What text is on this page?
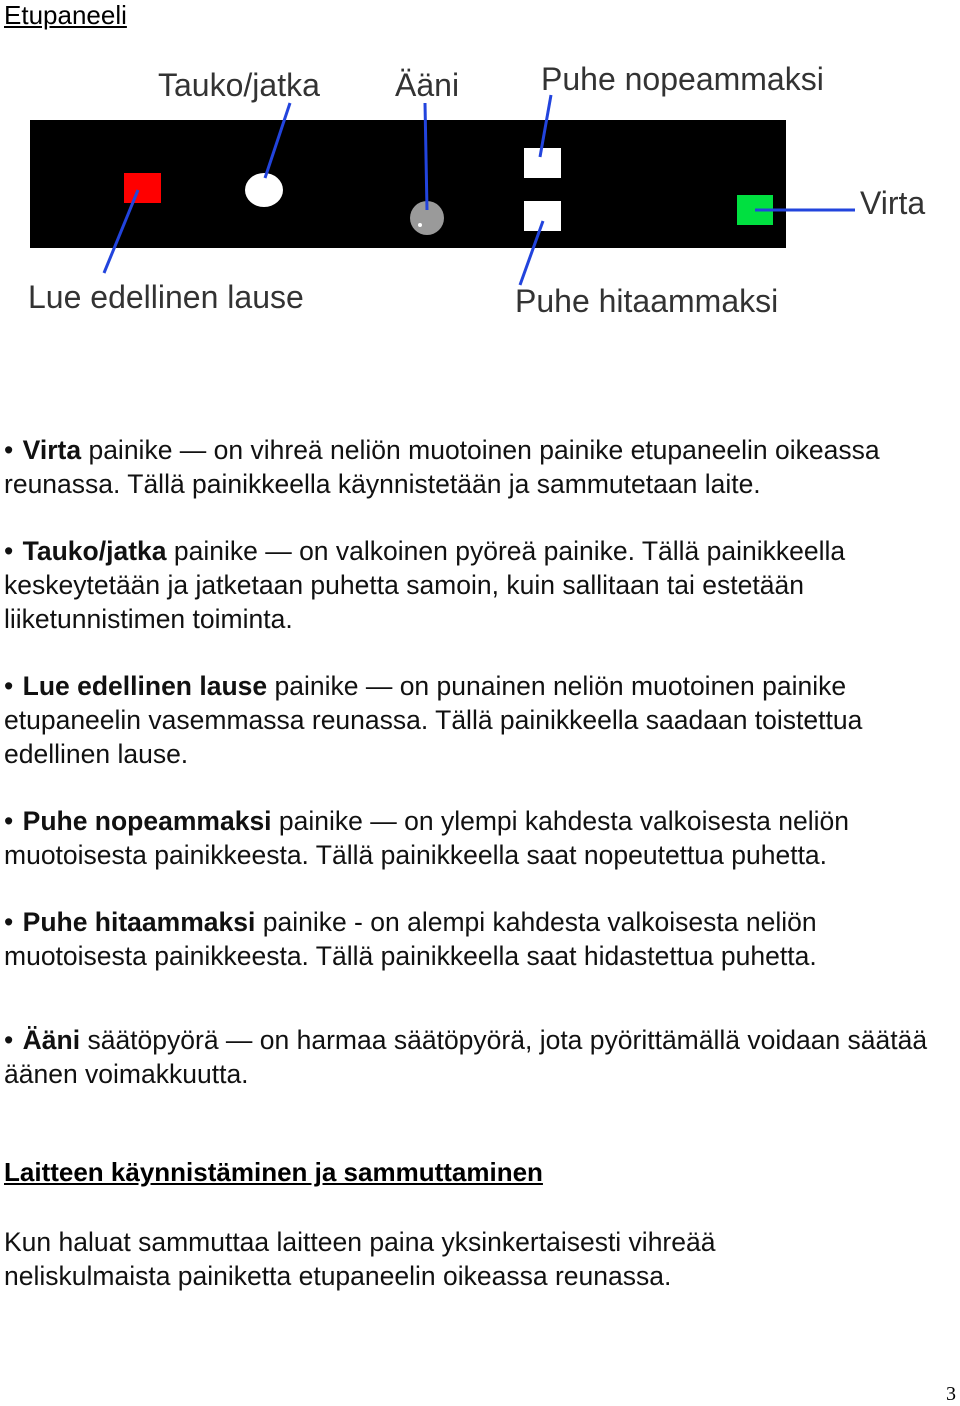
Etupaneeli
Tauko/jatka Ääni	Puhe nopeammaksi
Virta
Lue edellinen lause	Puhe hitaammaksi

• Virta painike — on vihreä neliön muotoinen painike etupaneelin oikeassa reunassa. Tällä painikkeella käynnistetään ja sammutetaan laite.

• Tauko/jatka painike — on valkoinen pyöreä painike. Tällä painikkeella keskeytetään ja jatketaan puhetta samoin, kuin sallitaan tai estetään liiketunnistimen toiminta.

• Lue edellinen lause painike — on punainen neliön muotoinen painike etupaneelin vasemmassa reunassa. Tällä painikkeella saadaan toistettua edellinen lause.

• Puhe nopeammaksi painike — on ylempi kahdesta valkoisesta neliön muotoisesta painikkeesta. Tällä painikkeella saat nopeutettua puhetta.

• Puhe hitaammaksi painike - on alempi kahdesta valkoisesta neliön muotoisesta painikkeesta. Tällä painikkeella saat hidastettua puhetta.

• Ääni säätöpyörä — on harmaa säätöpyörä, jota pyörittämällä voidaan säätää äänen voimakkuutta.

Laitteen käynnistäminen ja sammuttaminen

Kun haluat sammuttaa laitteen paina yksinkertaisesti vihreää neliskulmaista painiketta etupaneelin oikeassa reunassa.

3
